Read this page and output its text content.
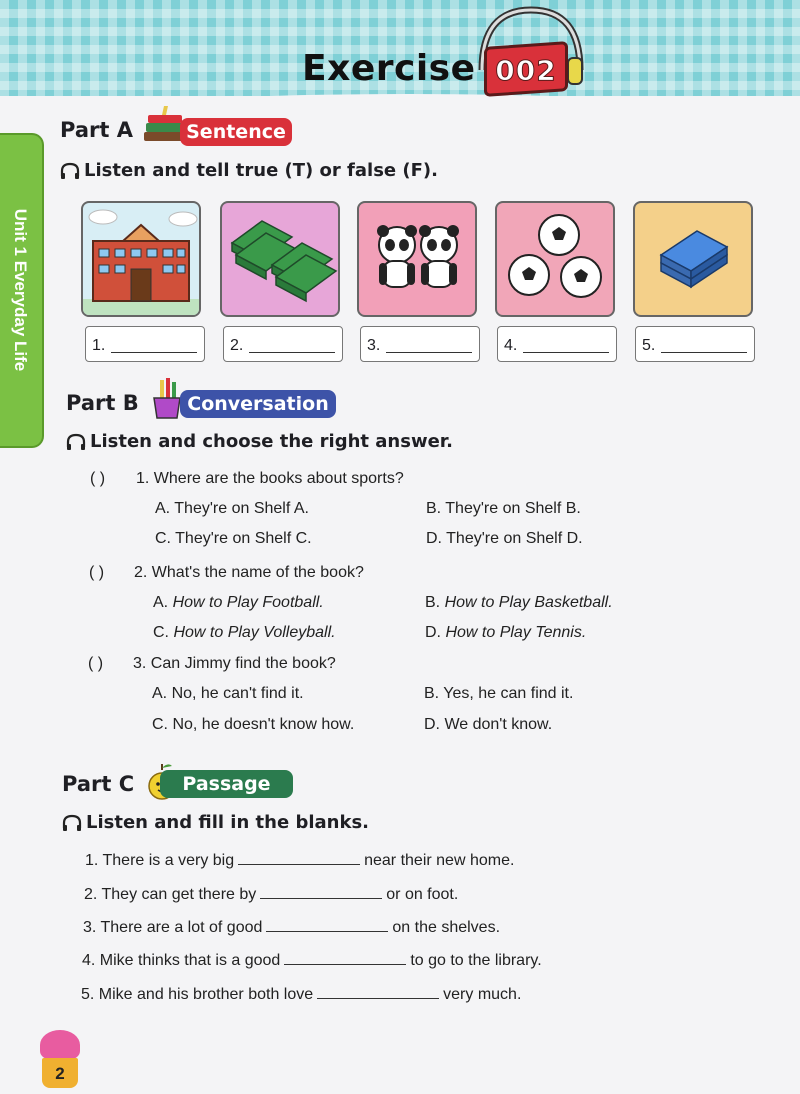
Exercise 002
Unit 1 Everyday Life
Part A	Sentence
Listen and tell true (T) or false (F).
1.	2.	3.	4.	5.
Part B	Conversation
Listen and choose the right answer.
( ) 1. Where are the books about sports?
A. They're on Shelf A.	B. They're on Shelf B.
C. They're on Shelf C.	D. They're on Shelf D.
( ) 2. What's the name of the book?
A. How to Play Football.	B. How to Play Basketball.
C. How to Play Volleyball.	D. How to Play Tennis.
( ) 3. Can Jimmy find the book?
A. No, he can't find it.	B. Yes, he can find it.
C. No, he doesn't know how.	D. We don't know.
Part C	Passage
Listen and fill in the blanks.
1. There is a very big	near their new home.
2. They can get there by	or on foot.
3. There are a lot of good	on the shelves.
4. Mike thinks that is a good	to go to the library.
5. Mike and his brother both love	very much.
2
